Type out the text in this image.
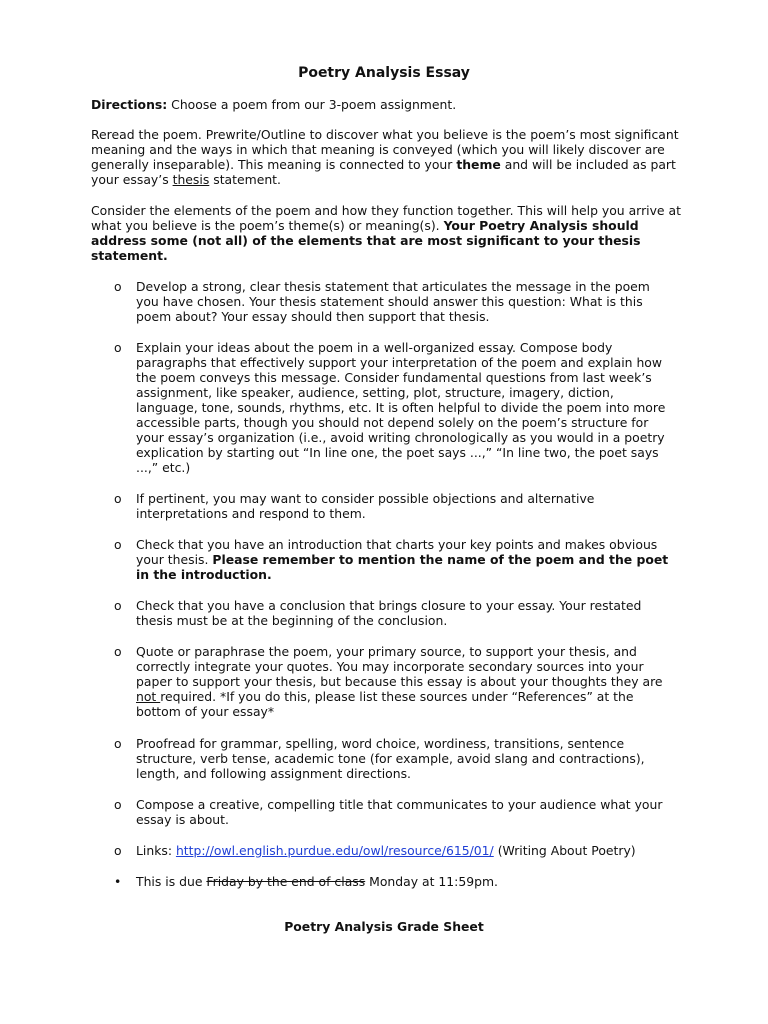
Poetry Analysis Essay
Directions: Choose a poem from our 3-poem assignment.
Reread the poem. Prewrite/Outline to discover what you believe is the poem’s most significant meaning and the ways in which that meaning is conveyed (which you will likely discover are generally inseparable). This meaning is connected to your theme and will be included as part your essay’s thesis statement.
Consider the elements of the poem and how they function together. This will help you arrive at what you believe is the poem’s theme(s) or meaning(s). Your Poetry Analysis should address some (not all) of the elements that are most significant to your thesis statement.
o	Develop a strong, clear thesis statement that articulates the message in the poem you have chosen. Your thesis statement should answer this question: What is this poem about? Your essay should then support that thesis.
o	Explain your ideas about the poem in a well-organized essay. Compose body paragraphs that effectively support your interpretation of the poem and explain how the poem conveys this message. Consider fundamental questions from last week’s assignment, like speaker, audience, setting, plot, structure, imagery, diction, language, tone, sounds, rhythms, etc. It is often helpful to divide the poem into more accessible parts, though you should not depend solely on the poem’s structure for your essay’s organization (i.e., avoid writing chronologically as you would in a poetry explication by starting out “In line one, the poet says ...,” “In line two, the poet says ...,” etc.)
o	If pertinent, you may want to consider possible objections and alternative interpretations and respond to them.
o	Check that you have an introduction that charts your key points and makes obvious your thesis. Please remember to mention the name of the poem and the poet in the introduction.
o	Check that you have a conclusion that brings closure to your essay. Your restated thesis must be at the beginning of the conclusion.
o	Quote or paraphrase the poem, your primary source, to support your thesis, and correctly integrate your quotes. You may incorporate secondary sources into your paper to support your thesis, but because this essay is about your thoughts they are not required. *If you do this, please list these sources under “References” at the bottom of your essay*
o	Proofread for grammar, spelling, word choice, wordiness, transitions, sentence structure, verb tense, academic tone (for example, avoid slang and contractions), length, and following assignment directions.
o	Compose a creative, compelling title that communicates to your audience what your essay is about.
o	Links: http://owl.english.purdue.edu/owl/resource/615/01/ (Writing About Poetry)
•	This is due Friday by the end of class Monday at 11:59pm.
Poetry Analysis Grade Sheet
